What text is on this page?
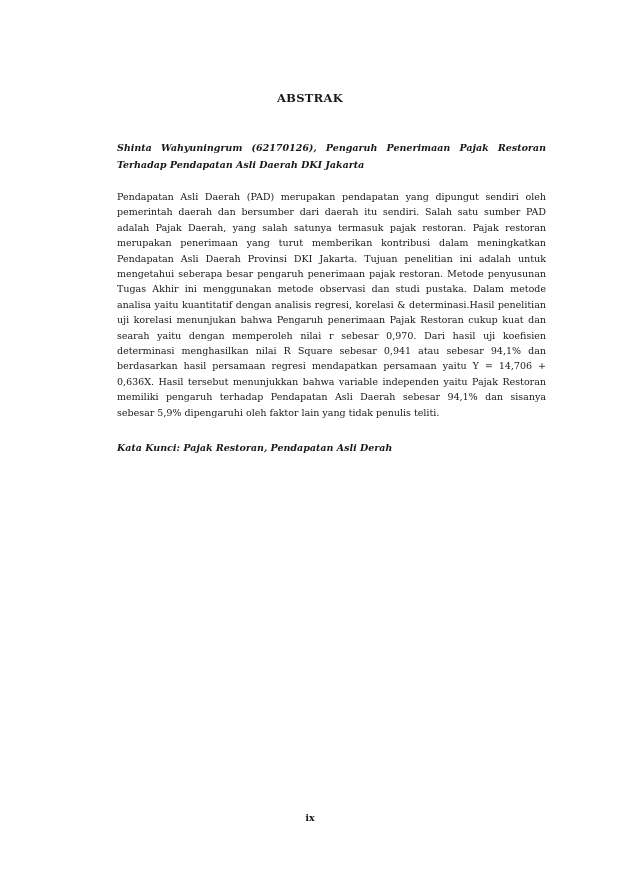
ABSTRAK

Shinta Wahyuningrum (62170126), Pengaruh Penerimaan Pajak Restoran Terhadap Pendapatan Asli Daerah DKI Jakarta

Pendapatan Asli Daerah (PAD) merupakan pendapatan yang dipungut sendiri oleh pemerintah daerah dan bersumber dari daerah itu sendiri. Salah satu sumber PAD adalah Pajak Daerah, yang salah satunya termasuk pajak restoran. Pajak restoran merupakan penerimaan yang turut memberikan kontribusi dalam meningkatkan Pendapatan Asli Daerah Provinsi DKI Jakarta. Tujuan penelitian ini adalah untuk mengetahui seberapa besar pengaruh penerimaan pajak restoran. Metode penyusunan Tugas Akhir ini menggunakan metode observasi dan studi pustaka. Dalam metode analisa yaitu kuantitatif dengan analisis regresi, korelasi & determinasi.Hasil penelitian uji korelasi menunjukan bahwa Pengaruh penerimaan Pajak Restoran cukup kuat dan searah yaitu dengan memperoleh nilai r sebesar 0,970. Dari hasil uji koefisien determinasi menghasilkan nilai R Square sebesar 0,941 atau sebesar 94,1% dan berdasarkan hasil persamaan regresi mendapatkan persamaan yaitu Y = 14,706 + 0,636X. Hasil tersebut menunjukkan bahwa variable independen yaitu Pajak Restoran memiliki pengaruh terhadap Pendapatan Asli Daerah sebesar 94,1% dan sisanya sebesar 5,9% dipengaruhi oleh faktor lain yang tidak penulis teliti.

Kata Kunci: Pajak Restoran, Pendapatan Asli Derah

ix
